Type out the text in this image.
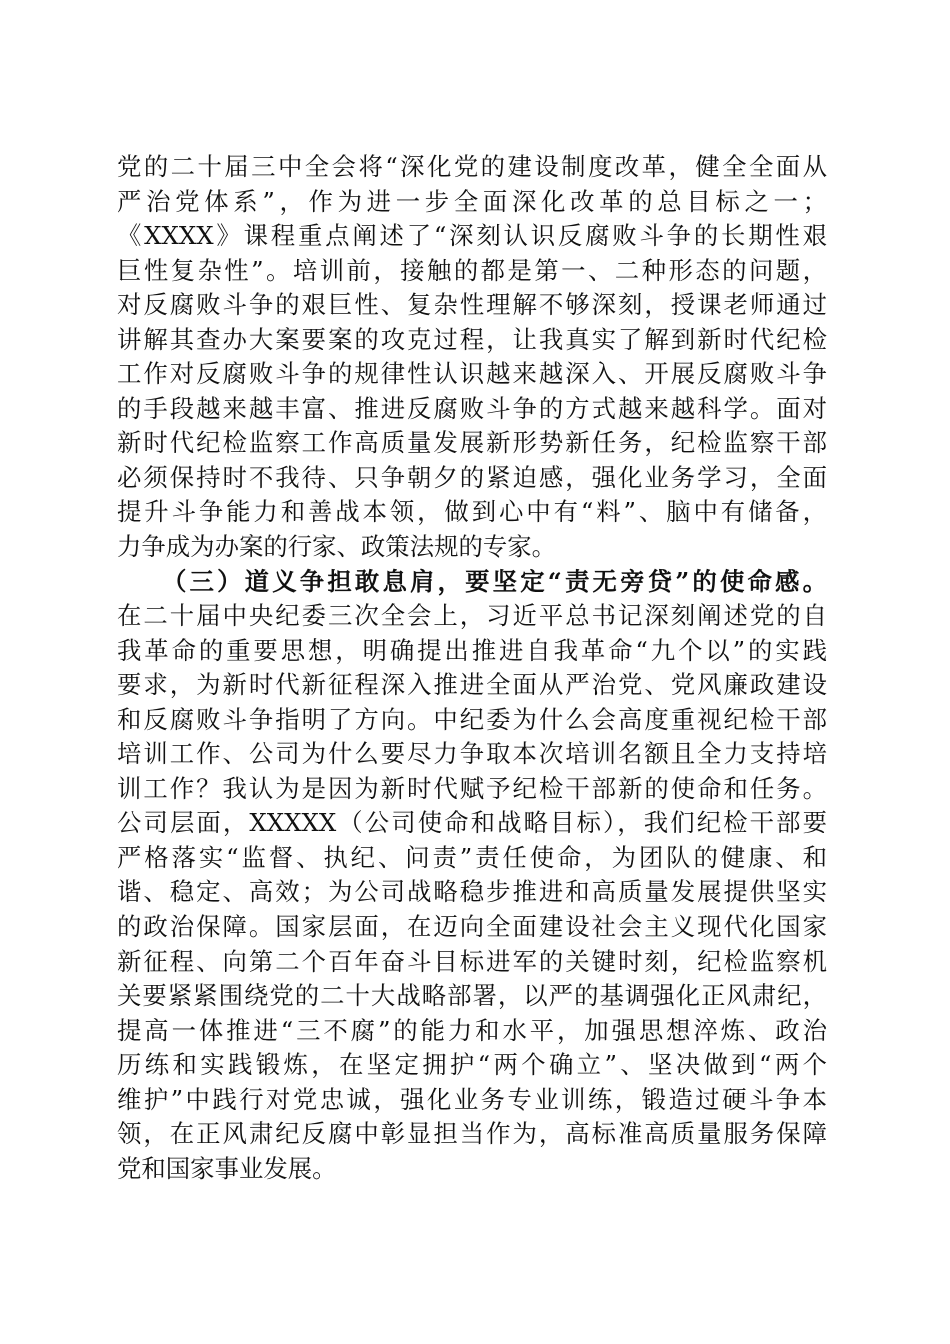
党的二十届三中全会将“深化党的建设制度改革，健全全面从
严治党体系”，作为进一步全面深化改革的总目标之一；
《XXXX》课程重点阐述了“深刻认识反腐败斗争的长期性艰
巨性复杂性”。培训前，接触的都是第一、二种形态的问题，
对反腐败斗争的艰巨性、复杂性理解不够深刻，授课老师通过
讲解其查办大案要案的攻克过程，让我真实了解到新时代纪检
工作对反腐败斗争的规律性认识越来越深入、开展反腐败斗争
的手段越来越丰富、推进反腐败斗争的方式越来越科学。面对
新时代纪检监察工作高质量发展新形势新任务，纪检监察干部
必须保持时不我待、只争朝夕的紧迫感，强化业务学习，全面
提升斗争能力和善战本领，做到心中有“料”、脑中有储备，
力争成为办案的行家、政策法规的专家。
（三）道义争担敢息肩，要坚定“责无旁贷”的使命感。
在二十届中央纪委三次全会上，习近平总书记深刻阐述党的自
我革命的重要思想，明确提出推进自我革命“九个以”的实践
要求，为新时代新征程深入推进全面从严治党、党风廉政建设
和反腐败斗争指明了方向。中纪委为什么会高度重视纪检干部
培训工作、公司为什么要尽力争取本次培训名额且全力支持培
训工作？我认为是因为新时代赋予纪检干部新的使命和任务。
公司层面，XXXXX（公司使命和战略目标），我们纪检干部要
严格落实“监督、执纪、问责”责任使命，为团队的健康、和
谐、稳定、高效；为公司战略稳步推进和高质量发展提供坚实
的政治保障。国家层面，在迈向全面建设社会主义现代化国家
新征程、向第二个百年奋斗目标进军的关键时刻，纪检监察机
关要紧紧围绕党的二十大战略部署，以严的基调强化正风肃纪，
提高一体推进“三不腐”的能力和水平，加强思想淬炼、政治
历练和实践锻炼，在坚定拥护“两个确立”、坚决做到“两个
维护”中践行对党忠诚，强化业务专业训练，锻造过硬斗争本
领，在正风肃纪反腐中彰显担当作为，高标准高质量服务保障
党和国家事业发展。
